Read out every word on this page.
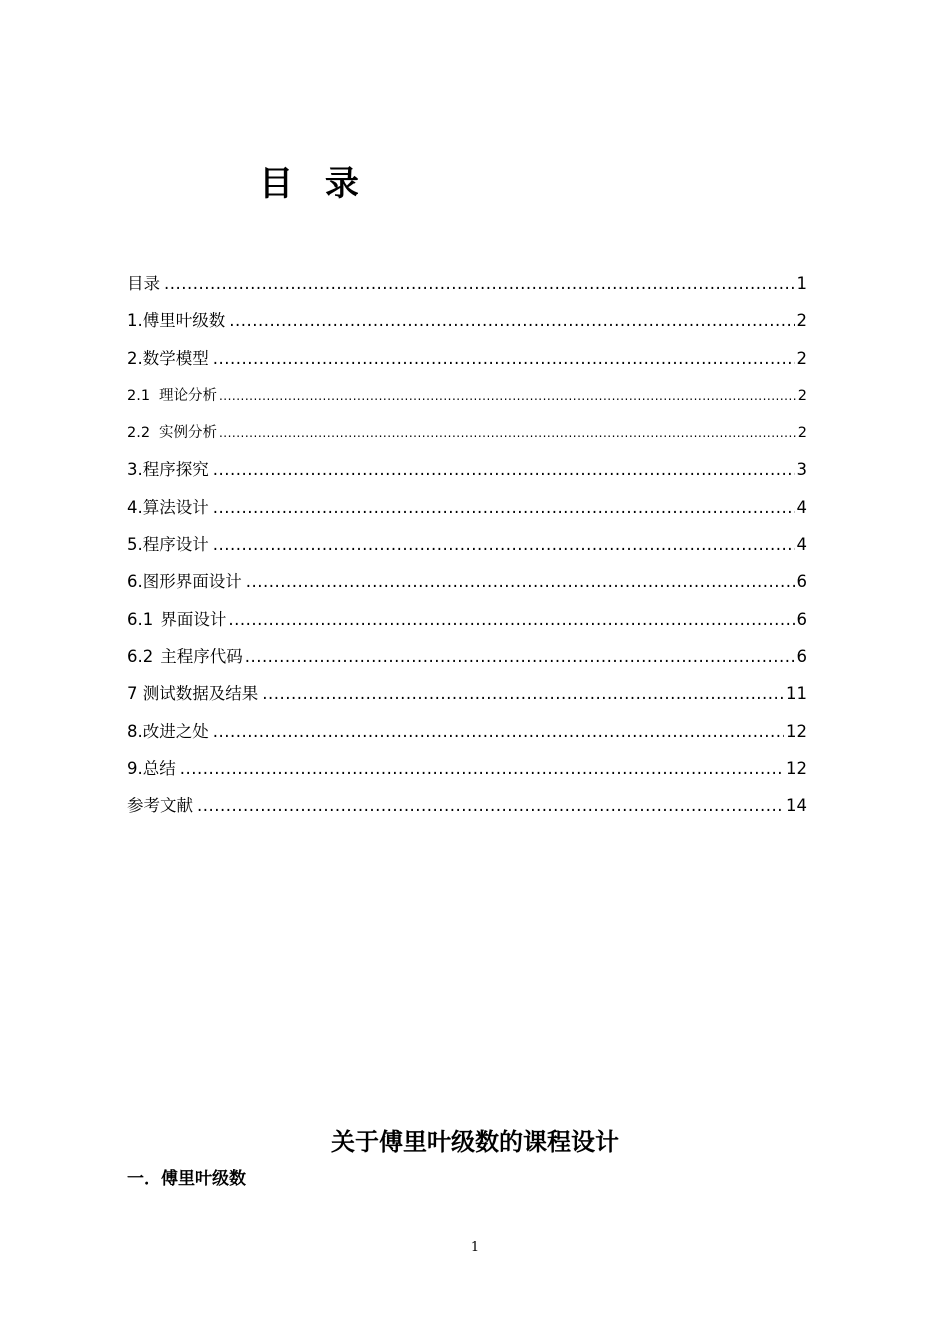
目 录
目录 .....	1
1.傅里叶级数 .....	2
2.数学模型 .....	2
2.1 理论分析 .....	2
2.2 实例分析 .....	2
3.程序探究 .....	3
4.算法设计 .....	4
5.程序设计 .....	4
6.图形界面设计 .....	6
6.1 界面设计 .....	6
6.2 主程序代码 .....	6
7 测试数据及结果 .....	11
8.改进之处 .....	12
9.总结 .....	12
参考文献 .....	14
关于傅里叶级数的课程设计
一．傅里叶级数
1
